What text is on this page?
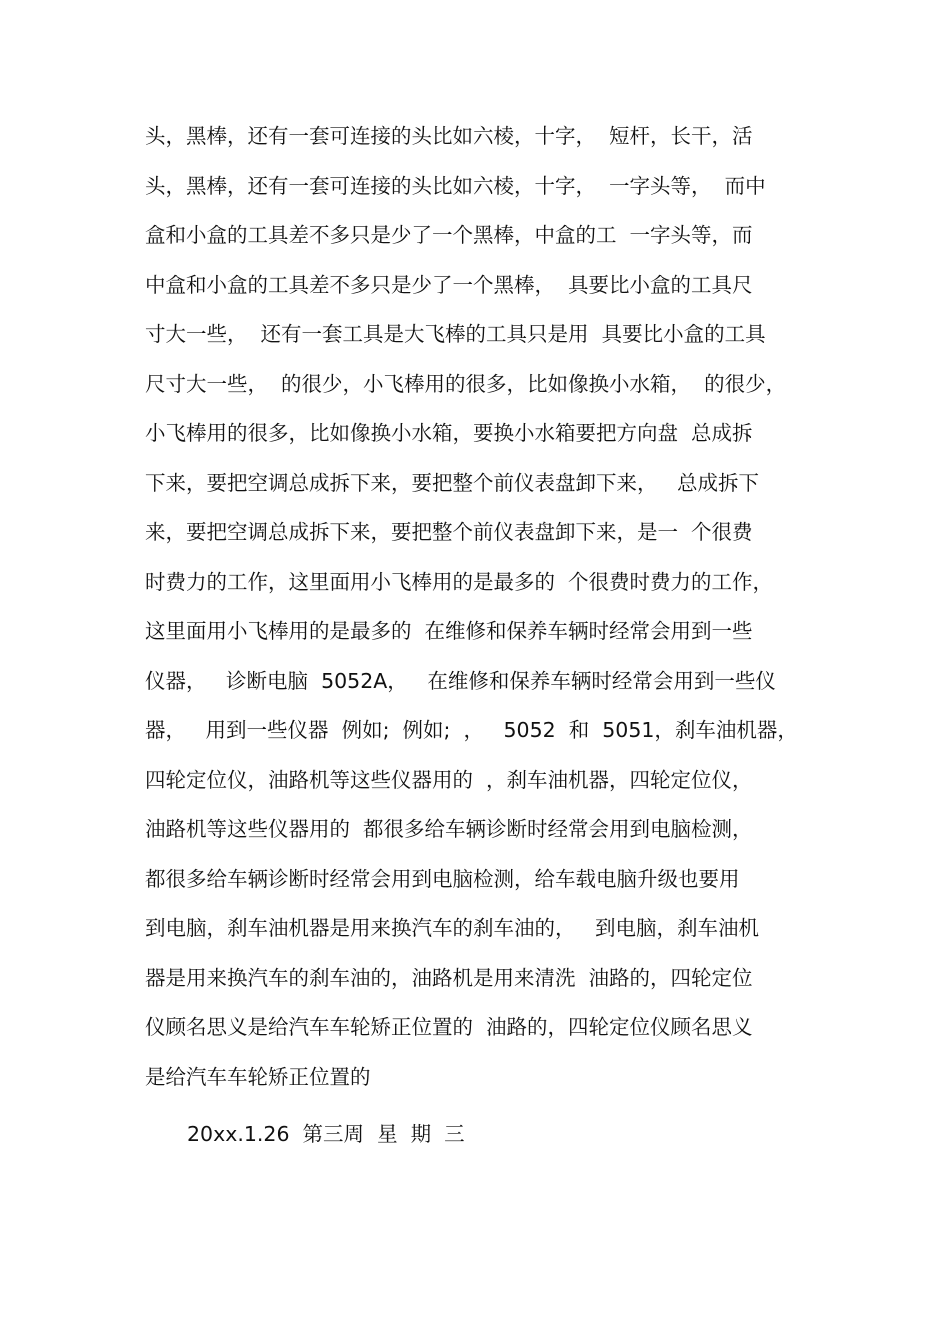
头，黑棒，还有一套可连接的头比如六棱，十字，  短杆，长干，活
头，黑棒，还有一套可连接的头比如六棱，十字，  一字头等，  而中
盒和小盒的工具差不多只是少了一个黑棒，中盒的工  一字头等，而
中盒和小盒的工具差不多只是少了一个黑棒，  具要比小盒的工具尺
寸大一些，  还有一套工具是大飞棒的工具只是用  具要比小盒的工具
尺寸大一些，  的很少，小飞棒用的很多，比如像换小水箱，  的很少，
小飞棒用的很多，比如像换小水箱，要换小水箱要把方向盘  总成拆
下来，要把空调总成拆下来，要把整个前仪表盘卸下来，   总成拆下
来，要把空调总成拆下来，要把整个前仪表盘卸下来，是一  个很费
时费力的工作，这里面用小飞棒用的是最多的  个很费时费力的工作，
这里面用小飞棒用的是最多的  在维修和保养车辆时经常会用到一些
仪器，   诊断电脑  5052A，   在维修和保养车辆时经常会用到一些仪
器，   用到一些仪器  例如;  例如;  ，   5052  和  5051，刹车油机器，
四轮定位仪，油路机等这些仪器用的  ，刹车油机器，四轮定位仪，
油路机等这些仪器用的  都很多给车辆诊断时经常会用到电脑检测，
都很多给车辆诊断时经常会用到电脑检测，给车载电脑升级也要用
到电脑，刹车油机器是用来换汽车的刹车油的，   到电脑，刹车油机
器是用来换汽车的刹车油的，油路机是用来清洗  油路的，四轮定位
仪顾名思义是给汽车车轮矫正位置的  油路的，四轮定位仪顾名思义
是给汽车车轮矫正位置的
20xx.1.26  第三周  星  期  三
